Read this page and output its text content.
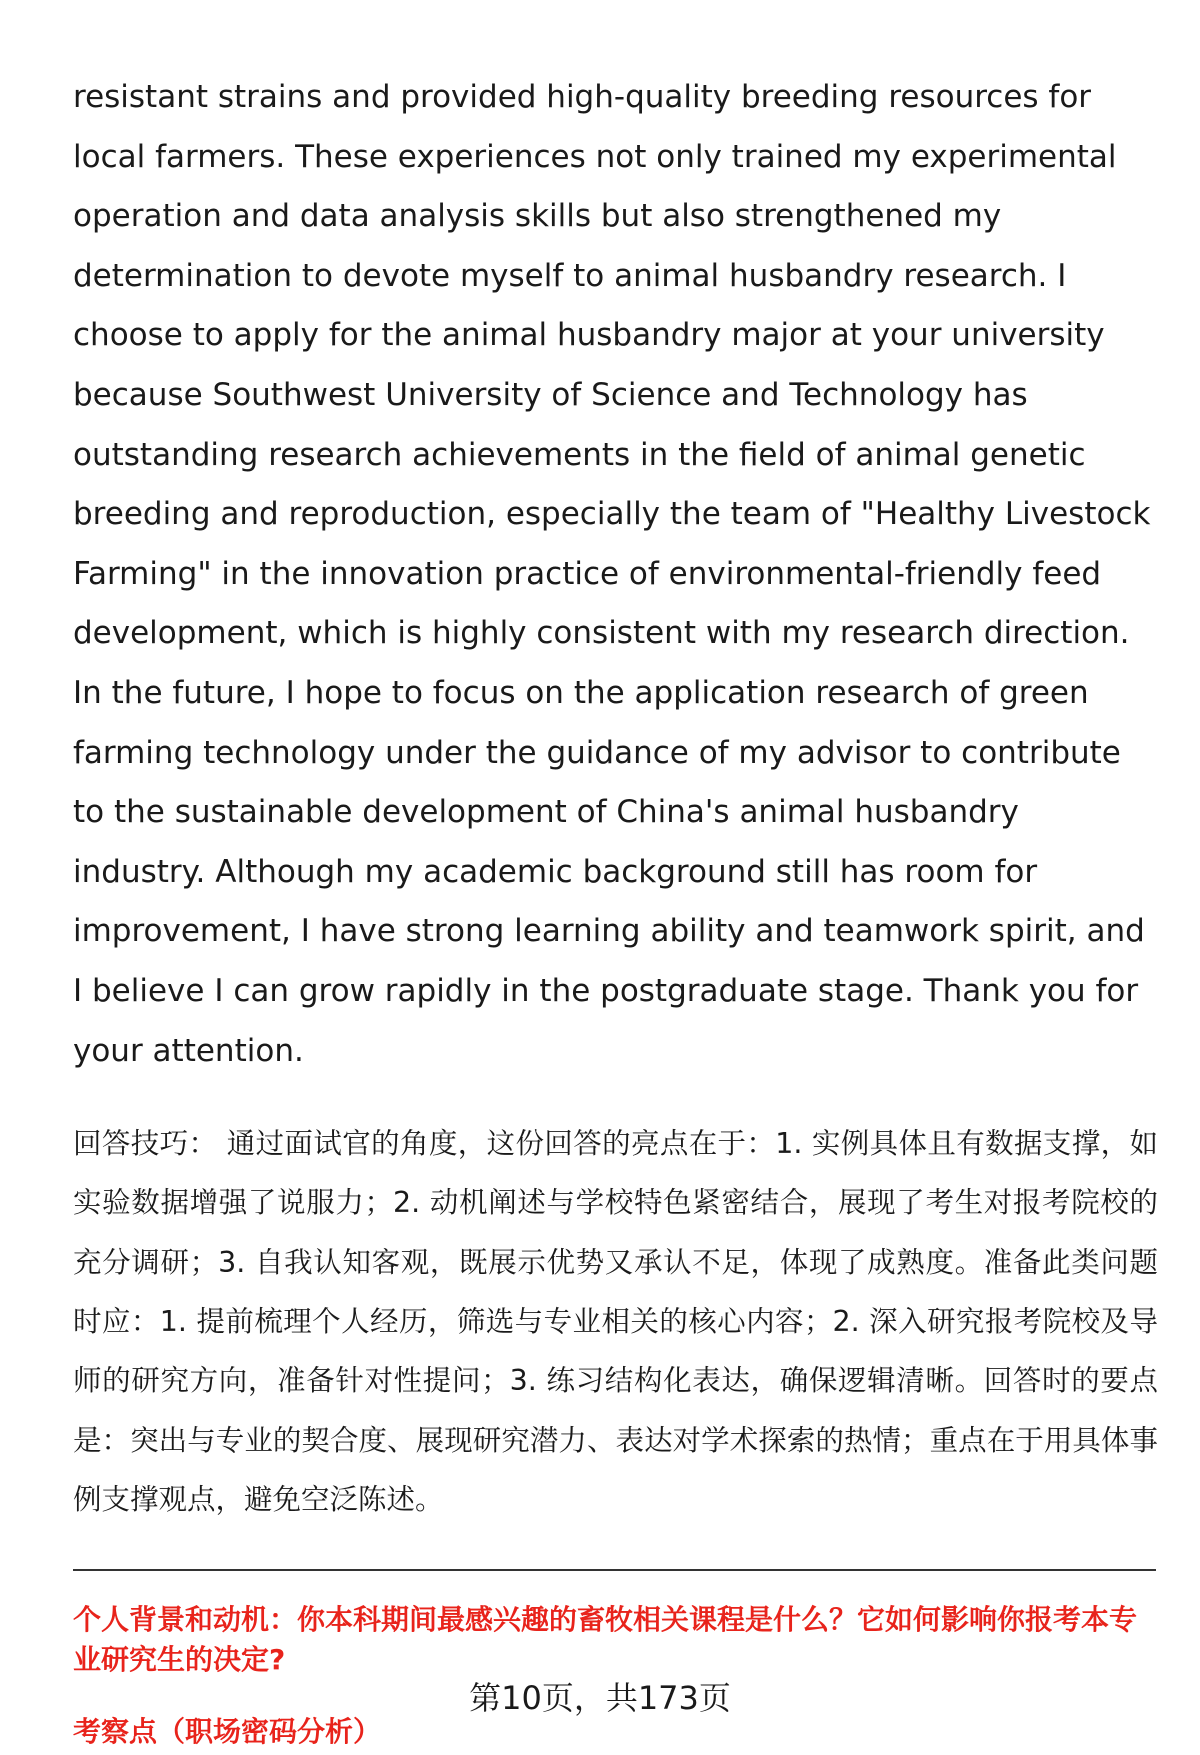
resistant strains and provided high-quality breeding resources for local farmers. These experiences not only trained my experimental operation and data analysis skills but also strengthened my determination to devote myself to animal husbandry research. I choose to apply for the animal husbandry major at your university because Southwest University of Science and Technology has outstanding research achievements in the field of animal genetic breeding and reproduction, especially the team of "Healthy Livestock Farming" in the innovation practice of environmental-friendly feed development, which is highly consistent with my research direction. In the future, I hope to focus on the application research of green farming technology under the guidance of my advisor to contribute to the sustainable development of China's animal husbandry industry. Although my academic background still has room for improvement, I have strong learning ability and teamwork spirit, and I believe I can grow rapidly in the postgraduate stage. Thank you for your attention.

回答技巧： 通过面试官的角度，这份回答的亮点在于：1. 实例具体且有数据支撑，如实验数据增强了说服力；2. 动机阐述与学校特色紧密结合，展现了考生对报考院校的充分调研；3. 自我认知客观，既展示优势又承认不足，体现了成熟度。准备此类问题时应：1. 提前梳理个人经历，筛选与专业相关的核心内容；2. 深入研究报考院校及导师的研究方向，准备针对性提问；3. 练习结构化表达，确保逻辑清晰。回答时的要点是：突出与专业的契合度、展现研究潜力、表达对学术探索的热情；重点在于用具体事例支撑观点，避免空泛陈述。

个人背景和动机：你本科期间最感兴趣的畜牧相关课程是什么？它如何影响你报考本专业研究生的决定?

考察点（职场密码分析）

第10页，共173页
